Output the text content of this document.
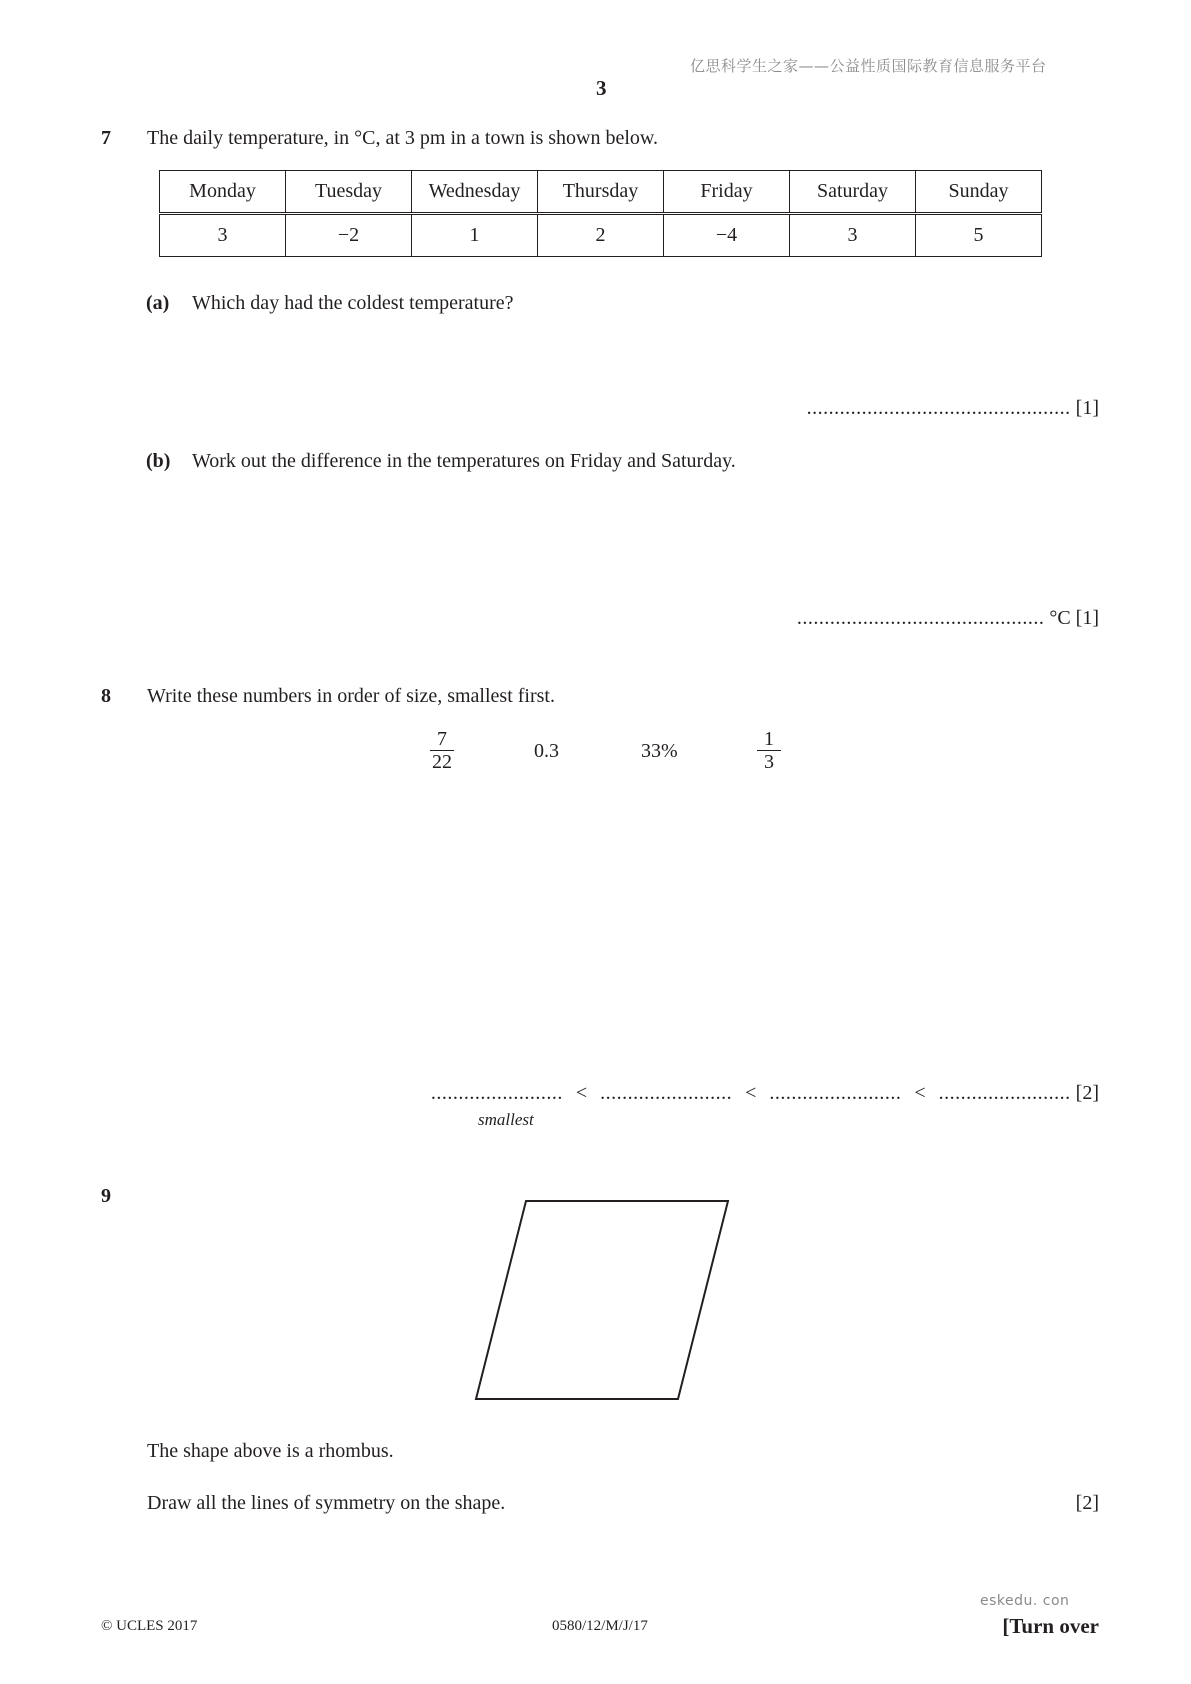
亿思科学生之家——公益性质国际教育信息服务平台
3
7 The daily temperature, in °C, at 3 pm in a town is shown below.
Monday	Tuesday	Wednesday	Thursday	Friday	Saturday	Sunday
3	−2	1	2	−4	3	5
(a) Which day had the coldest temperature?
................................................ [1]
(b) Work out the difference in the temperatures on Friday and Saturday.
............................................. °C [1]
8 Write these numbers in order of size, smallest first.
7
22	0.3	33%
1
3
........................ < ........................ < ........................ < ........................ [2]
smallest
9
The shape above is a rhombus.
Draw all the lines of symmetry on the shape.	[2]
eskedu. con
© UCLES 2017	0580/12/M/J/17	[Turn over
